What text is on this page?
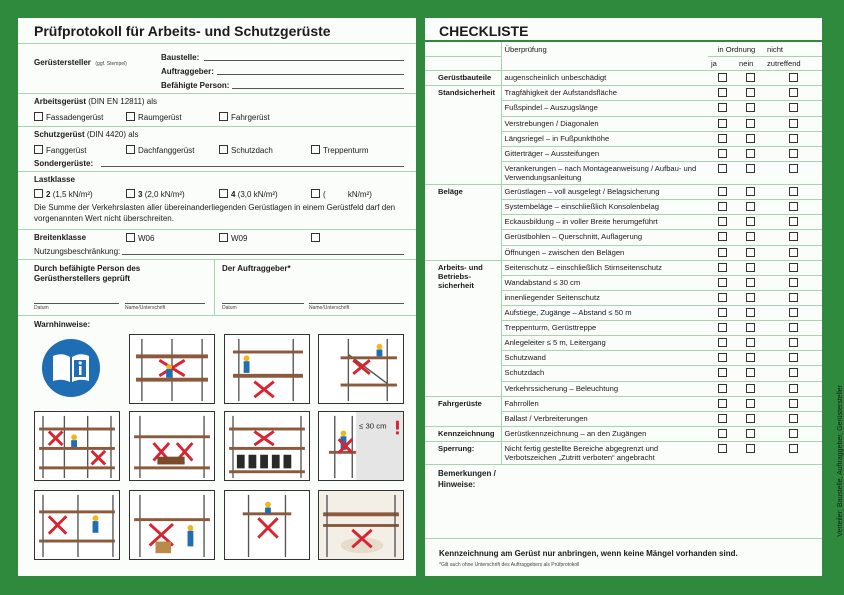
Prüfprotokoll für Arbeits- und Schutzgerüste
Gerüstersteller (ggf. Stempel)
Baustelle:
Auftraggeber:
Befähigte Person:
Arbeitsgerüst (DIN EN 12811) als
Fassadengerüst	Raumgerüst	Fahrgerüst
Schutzgerüst (DIN 4420) als
Fanggerüst	Dachfanggerüst	Schutzdach	Treppenturm
Sondergerüste:
Lastklasse
2 (1,5 kN/m²)	3 (2,0 kN/m²)	4 (3,0 kN/m²)	(          kN/m²)
Die Summe der Verkehrslasten aller übereinanderliegenden Gerüstlagen in einem Gerüstfeld darf den vorgenannten Wert nicht überschreiten.
Breitenklasse	W06	W09
Nutzungsbeschränkung:
Durch befähigte Person des Gerüstherstellers geprüft
Der Auftraggeber*
Datum	Name/Unterschrift	Datum	Name/Unterschrift
Warnhinweise:
≤ 30 cm
CHECKLISTE
	Überprüfung	in Ordnung		nicht
		ja	nein	zutreffend
Gerüstbauteile	augenscheinlich unbeschädigt			
Standsicherheit	Tragfähigkeit der Aufstandsfläche			
	Fußspindel – Auszugslänge			
	Verstrebungen / Diagonalen			
	Längsriegel – in Fußpunkthöhe			
	Gitterträger – Aussteifungen			
	Verankerungen – nach Montageanweisung / Aufbau- und Verwendungsanleitung			
Beläge	Gerüstlagen – voll ausgelegt / Belagsicherung			
	Systembeläge – einschließlich Konsolenbelag			
	Eckausbildung – in voller Breite herumgeführt			
	Gerüstbohlen – Querschnitt, Auflagerung			
	Öffnungen – zwischen den Belägen			
Arbeits- und Betriebs-sicherheit	Seitenschutz – einschließlich Stirnseitenschutz			
	Wandabstand ≤ 30 cm			
	innenliegender Seitenschutz			
	Aufstiege, Zugänge – Abstand ≤ 50 m			
	Treppenturm, Gerüsttreppe			
	Anlegeleiter ≤ 5 m, Leitergang			
	Schutzwand			
	Schutzdach			
	Verkehrssicherung – Beleuchtung			
Fahrgerüste	Fahrrollen			
	Ballast / Verbreiterungen			
Kennzeichnung	Gerüstkennzeichnung – an den Zugängen			
Sperrung:	Nicht fertig gestellte Bereiche abgegrenzt und Verbotszeichen „Zutritt verboten“ angebracht			
Bemerkungen / Hinweise:
Kennzeichnung am Gerüst nur anbringen, wenn keine Mängel vorhanden sind.
*Gilt auch ohne Unterschrift des Auftraggebers als Prüfprotokoll
Verteiler: Baustelle, Auftraggeber, Gerüstersteller
